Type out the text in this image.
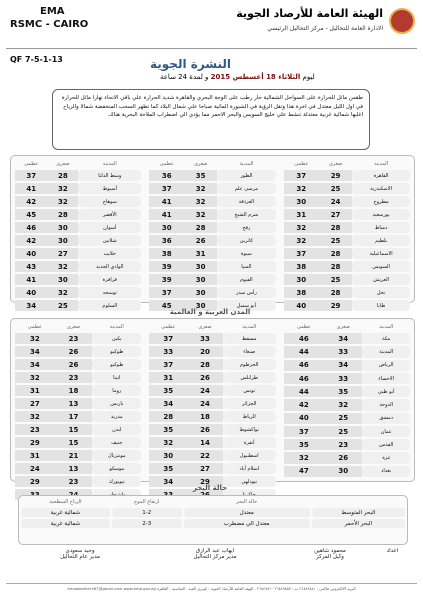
الهيئة العامة للأرصاد الجوية
الادارة العامة للتحاليل - مركز التحاليل الرئيسي
EMA
RSMC - CAIRO
QF 7-5-1-13	النشرة الجوية
ليوم الثلاثاء 18 أغسطس 2015 و لمدة 24 ساعة
طقس مائل للحرارة على السواحل الشمالية حار رطب على الوجة البحري والقاهرة شديد الحرارة علي باقي الانحاء نهارا مائل للحرارة في اول الليل معتدل في اخرة هذا وتقل الرؤية في الشبورة المائية صباحا علي شمال البلاد كما تظهر السحب المنخفضة شمالا والرياح اغلبها شمالية غربية معتدلة تنشط علي خليج السويس والبحر الاحمر مما يؤدي الي اضطراب الملاحة البحرية هناك.
عظمى	صغرى	المدينة
37	28	وسط الدلتا
41	32	أسيوط
42	32	سوهاج
45	28	الأقصر
46	30	أسوان
42	30	شلاتين
40	27	حلايب
43	32	الوادي الجديد
41	30	فرافرة
40	32	توسجه
34	25	السلوم
عظمى	صغرى	المدينة
36	35	الطور
37	32	مرسى علم
41	32	الغردقة
41	32	شرم الشيخ
30	28	رفح
36	26	كاترين
38	31	سيوة
39	30	المنيا
39	30	الفيوم
37	30	رأس سدر
45	30	أبو سمبل
عظمى	صغرى	المدينة
37	29	القاهرة
32	25	الاسكندرية
30	24	مطروح
31	27	بورسعيد
32	28	دمياط
32	25	بلطيم
37	28	الاسماعيلية
38	28	السويس
30	25	العريش
38	28	نخل
40	29	طابا
المدن العربية و العالمية
عظمى	صغرى	المدينة
32	23	بكين
34	26	طوكيو
34	26	طوكيو
32	23	اثينا
31	18	روما
27	13	باريس
32	17	مدريد
23	15	لندن
29	15	جنيف
31	21	مونتريال
24	13	موسكو
29	23	نيويورك

عظمى	صغرى	المدينة
37	33	مسقط
33	20	صنعاء
37	28	الخرطوم
31	26	طرابلس
35	24	تونس
34	24	الجزائر
28	18	الرباط
35	26	نواكشوط
32	14	أنقرة
30	22	اسطنبول
35	27	اسلام أباد
34	29	نيودلهي

عظمى	صغرى	المدينة
46	34	مكة
44	33	المدينة
46	34	الرياض
46	33	الاحساء
44	35	أبو ظبي
42	32	الدوحة
40	25	دمشق
37	25	عمان
35	23	القدس
32	26	غزة
47	30	بغداد
حالة البحر
الرياح السطحية	ارتفاع الموج	حالة البحر	
شمالية غربية	1-2	معتدل	البحر المتوسط
شمالية غربية	2-3	معتدل الي مضطرب	البحر الأحمر
وحيد سعودي
مدير عام التحاليل
ايهاب عبد الرازق
مدير مركز التحاليل
محمود شاهين
وكيل المركز
اعداد
emaweather567@gmail.com www.ema.gov.eg البريد الالكتروني فاكس : ٢٦٨٤٩٨٤١ ت : ٢٦٨٤٩٨٥٧ ٢٦٨٤٩٨٦٠ - الهيئة العامة للأرصاد الجوية - كوبري القبة - العباسية - القاهرة
